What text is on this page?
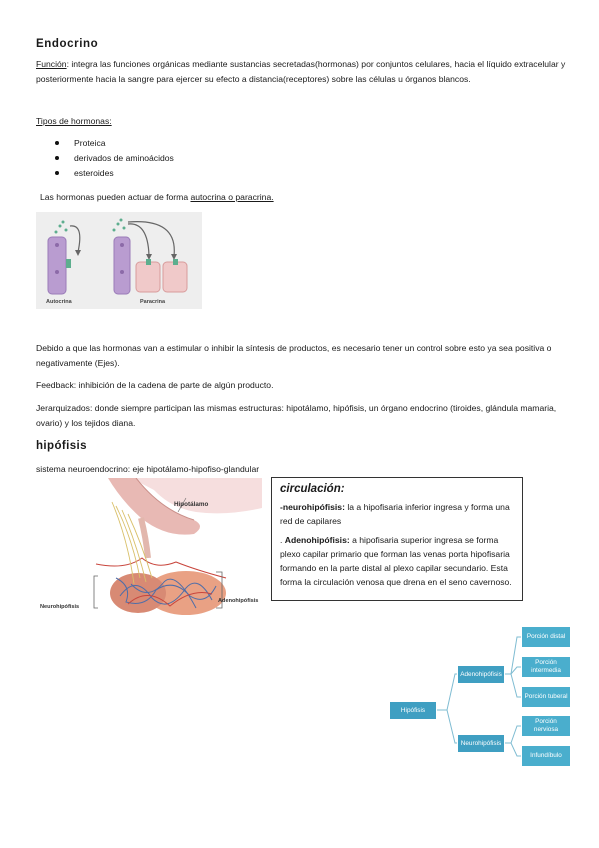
Endocrino
Función: integra las funciones orgánicas mediante sustancias secretadas(hormonas) por conjuntos celulares, hacia el líquido extracelular y posteriormente hacia la sangre para ejercer su efecto a distancia(receptores) sobre las células u órganos blancos.
Tipos de hormonas:
Proteica
derivados de aminoácidos
esteroides
Las hormonas pueden actuar de forma autocrina o paracrina.
Autocrina	Paracrina
Debido a que las hormonas van a estimular o inhibir la síntesis de productos, es necesario tener un control sobre esto ya sea positiva o negativamente (Ejes).
Feedback: inhibición de la cadena de parte de algún producto.
Jerarquizados: donde siempre participan las mismas estructuras: hipotálamo, hipófisis, un órgano endocrino (tiroides, glándula mamaria, ovario) y los tejidos diana.
hipófisis
sistema neuroendocrino: eje hipotálamo-hipofiso-glandular
Hipotálamo
Adenohipófisis
Neurohipófisis
circulación:
-neurohipófisis: la a hipofisaria inferior ingresa y forma una red de capilares
. Adenohipófisis: a hipofisaria superior ingresa se forma plexo capilar primario que forman las venas porta hipofisaria formando en la parte distal al plexo capilar secundario. Esta forma la circulación venosa que drena en el seno cavernoso.
Hipófisis
Adenohipófisis
Neurohipófisis
Porción distal
Porción intermedia
Porción tuberal
Porción nerviosa
Infundíbulo
